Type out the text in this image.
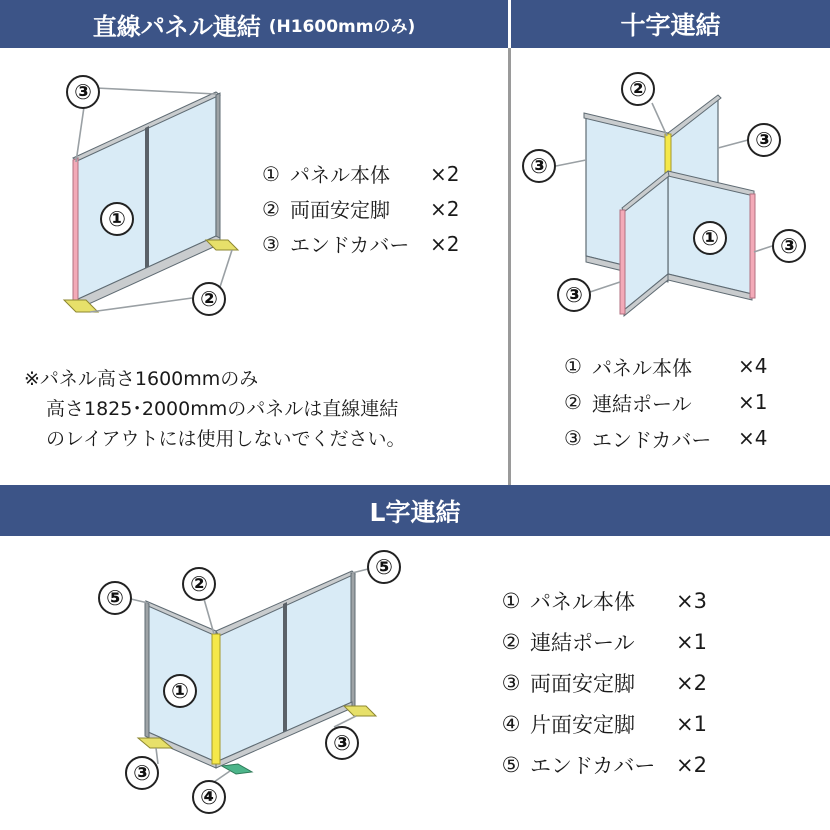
直線パネル連結 (H1600mmのみ)	十字連結
L字連結
③
①
②
②
③
③
①	③
③
⑤
②
⑤
①
③
③
④
① パネル本体	×2
② 両面安定脚	×2
③ エンドカバー	×2
※パネル高さ1600mmのみ
高さ1825･2000mmのパネルは直線連結
のレイアウトには使用しないでください。
① パネル本体	×4
② 連結ポール	×1
③ エンドカバー	×4
① パネル本体	×3
② 連結ポール	×1
③ 両面安定脚	×2
④ 片面安定脚	×1
⑤ エンドカバー ×2
